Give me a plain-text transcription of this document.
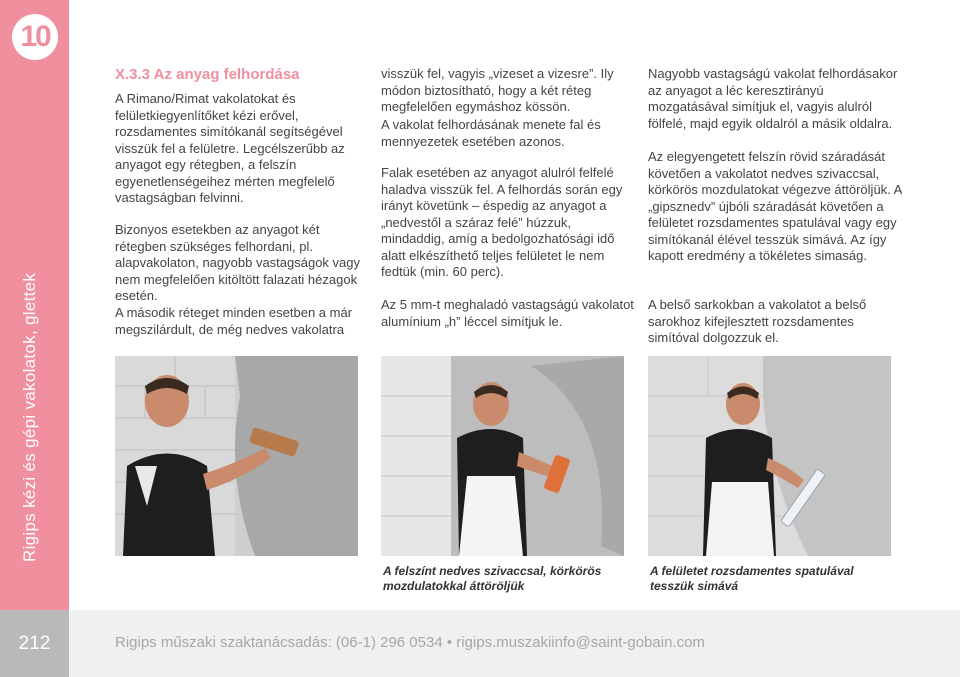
10
Rigips kézi és gépi vakolatok, glettek
X.3.3 Az anyag felhordása
A Rimano/Rimat vakolatokat és felületkiegyenlítőket kézi erővel, rozsdamentes simítókanál segítségével visszük fel a felületre. Legcélszerűbb az anyagot egy rétegben, a felszín egyenetlenségeihez mérten megfelelő vastagságban felvinni.
Bizonyos esetekben az anyagot két rétegben szükséges felhordani, pl. alapvakolaton, nagyobb vastagságok vagy nem megfelelően kitöltött falazati hézagok esetén.
A második réteget minden esetben a már megszilárdult, de még nedves vakolatra
visszük fel, vagyis „vizeset a vizesre”. Ily módon biztosítható, hogy a két réteg megfelelően egymáshoz kössön.
A vakolat felhordásának menete fal és mennyezetek esetében azonos.
Falak esetében az anyagot alulról felfelé haladva visszük fel. A felhordás során egy irányt követünk – éspedig az anyagot a „nedvestől a száraz felé” húzzuk, mindaddig, amíg a bedolgozhatósági idő alatt elkészíthető teljes felületet le nem fedtük (min. 60 perc).
Az 5 mm-t meghaladó vastagságú vakolatot alumínium „h” léccel simítjuk le.
Nagyobb vastagságú vakolat felhordásakor az anyagot a léc keresztirányú mozgatásával simítjuk el, vagyis alulról fölfelé, majd egyik oldalról a másik oldalra.
Az elegyengetett felszín rövid száradását követően a vakolatot nedves szivaccsal, körkörös mozdulatokat végezve áttöröljük. A „gipsznedv” újbóli száradását követően a felületet rozsdamentes spatulával vagy egy simítókanál élével tesszük simává. Az így kapott eredmény a tökéletes simaság.
A belső sarkokban a vakolatot a belső sarokhoz kifejlesztett rozsdamentes simítóval dolgozzuk el.
A felszínt nedves szivaccsal, körkörös mozdulatokkal áttöröljük
A felületet rozsdamentes spatulával tesszük simává
212	Rigips műszaki szaktanácsadás: (06-1) 296 0534 • rigips.muszakiinfo@saint-gobain.com
